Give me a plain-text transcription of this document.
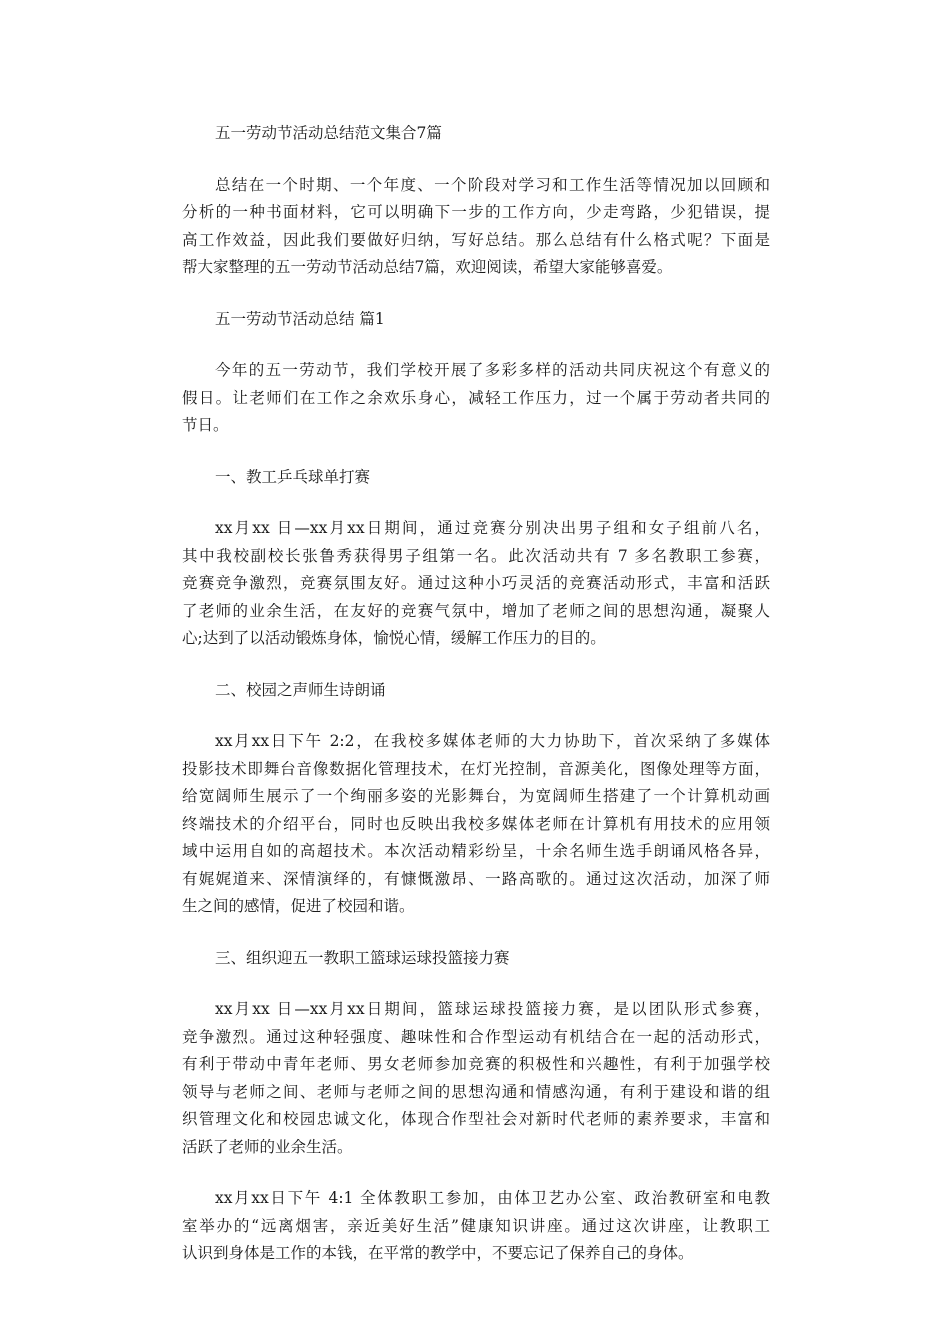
五一劳动节活动总结范文集合7篇
总结在一个时期、一个年度、一个阶段对学习和工作生活等情况加以回顾和
分析的一种书面材料，它可以明确下一步的工作方向，少走弯路，少犯错误，提
高工作效益，因此我们要做好归纳，写好总结。那么总结有什么格式呢？下面是
帮大家整理的五一劳动节活动总结7篇，欢迎阅读，希望大家能够喜爱。
五一劳动节活动总结 篇1
今年的五一劳动节，我们学校开展了多彩多样的活动共同庆祝这个有意义的
假日。让老师们在工作之余欢乐身心，减轻工作压力，过一个属于劳动者共同的
节日。
一、教工乒乓球单打赛
xx月xx 日—xx月xx日期间，通过竞赛分别决出男子组和女子组前八名，
其中我校副校长张鲁秀获得男子组第一名。此次活动共有 7 多名教职工参赛，
竞赛竞争激烈，竞赛氛围友好。通过这种小巧灵活的竞赛活动形式，丰富和活跃
了老师的业余生活，在友好的竞赛气氛中，增加了老师之间的思想沟通，凝聚人
心;达到了以活动锻炼身体，愉悦心情，缓解工作压力的目的。
二、校园之声师生诗朗诵
xx月xx日下午 2:2，在我校多媒体老师的大力协助下，首次采纳了多媒体
投影技术即舞台音像数据化管理技术，在灯光控制，音源美化，图像处理等方面，
给宽阔师生展示了一个绚丽多姿的光影舞台，为宽阔师生搭建了一个计算机动画
终端技术的介绍平台，同时也反映出我校多媒体老师在计算机有用技术的应用领
域中运用自如的高超技术。本次活动精彩纷呈，十余名师生选手朗诵风格各异，
有娓娓道来、深情演绎的，有慷慨激昂、一路高歌的。通过这次活动，加深了师
生之间的感情，促进了校园和谐。
三、组织迎五一教职工篮球运球投篮接力赛
xx月xx 日—xx月xx日期间，篮球运球投篮接力赛，是以团队形式参赛，
竞争激烈。通过这种轻强度、趣味性和合作型运动有机结合在一起的活动形式，
有利于带动中青年老师、男女老师参加竞赛的积极性和兴趣性，有利于加强学校
领导与老师之间、老师与老师之间的思想沟通和情感沟通，有利于建设和谐的组
织管理文化和校园忠诚文化，体现合作型社会对新时代老师的素养要求，丰富和
活跃了老师的业余生活。
xx月xx日下午 4:1 全体教职工参加，由体卫艺办公室、政治教研室和电教
室举办的“远离烟害，亲近美好生活”健康知识讲座。通过这次讲座，让教职工
认识到身体是工作的本钱，在平常的教学中，不要忘记了保养自己的身体。
